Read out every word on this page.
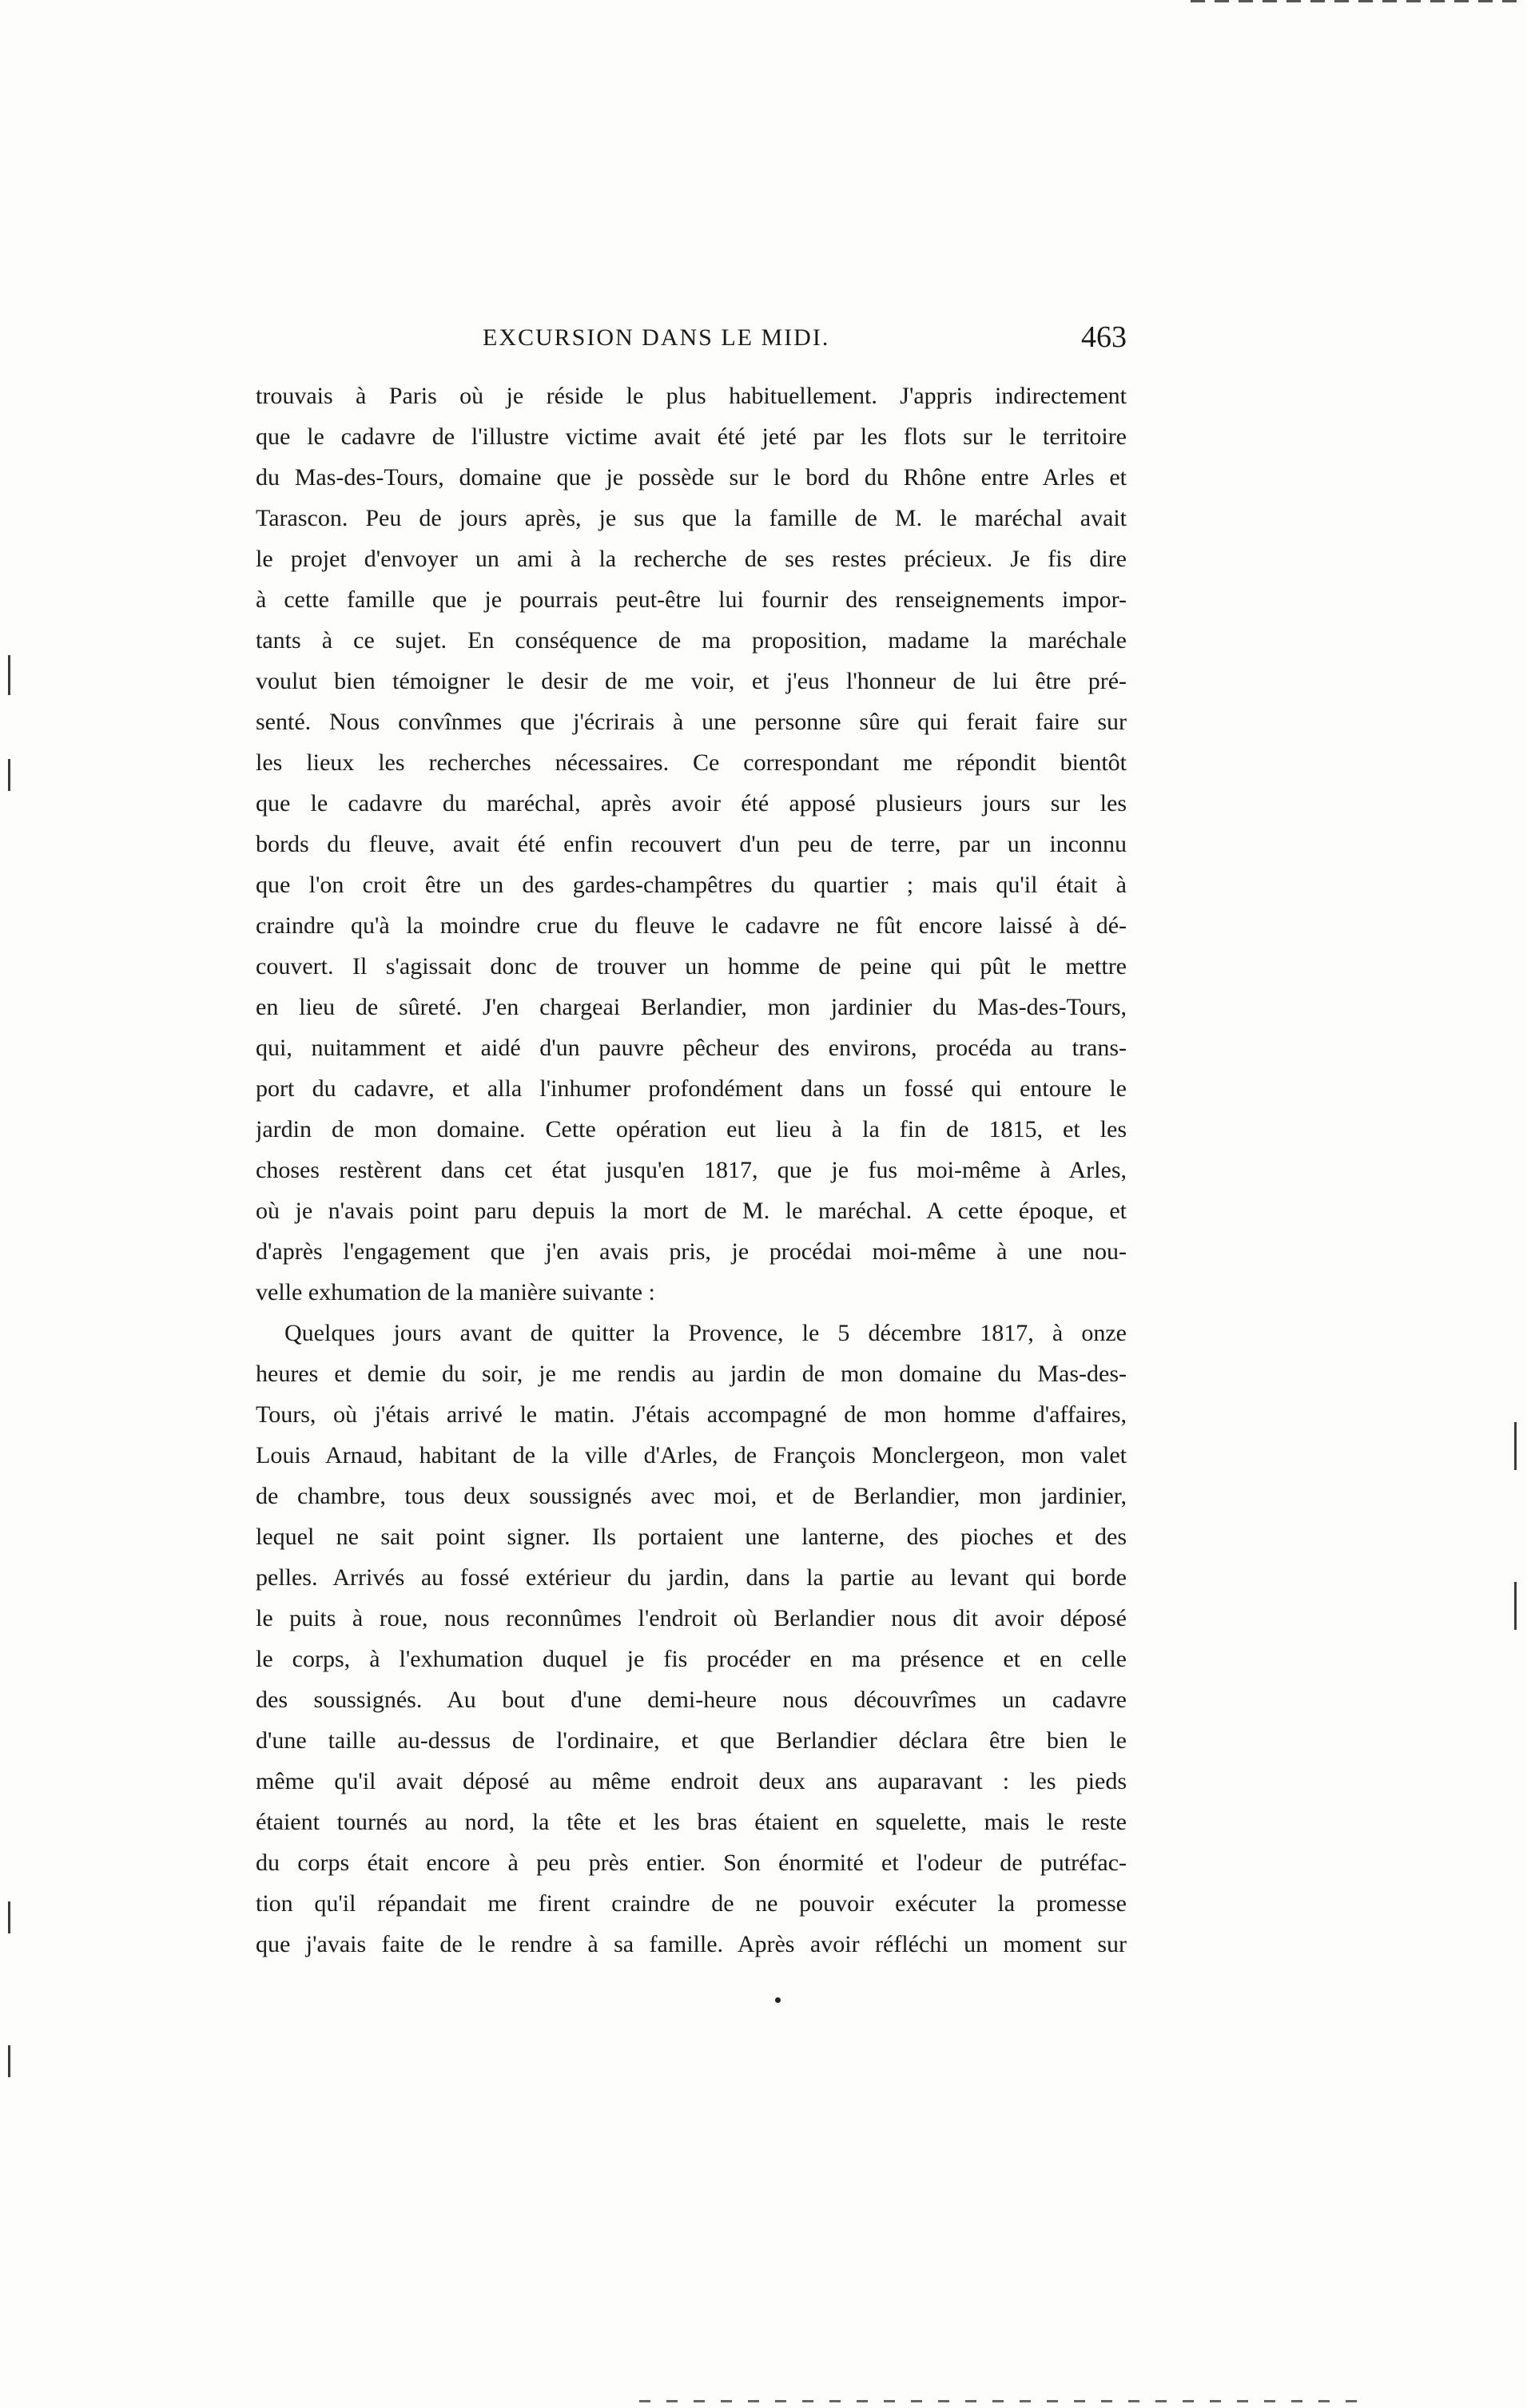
EXCURSION DANS LE MIDI.	463
trouvais à Paris où je réside le plus habituellement. J'appris indirectement
que le cadavre de l'illustre victime avait été jeté par les flots sur le territoire
du Mas-des-Tours, domaine que je possède sur le bord du Rhône entre Arles et
Tarascon. Peu de jours après, je sus que la famille de M. le maréchal avait
le projet d'envoyer un ami à la recherche de ses restes précieux. Je fis dire
à cette famille que je pourrais peut-être lui fournir des renseignements impor-
tants à ce sujet. En conséquence de ma proposition, madame la maréchale
voulut bien témoigner le desir de me voir, et j'eus l'honneur de lui être pré-
senté. Nous convînmes que j'écrirais à une personne sûre qui ferait faire sur
les lieux les recherches nécessaires. Ce correspondant me répondit bientôt
que le cadavre du maréchal, après avoir été apposé plusieurs jours sur les
bords du fleuve, avait été enfin recouvert d'un peu de terre, par un inconnu
que l'on croit être un des gardes-champêtres du quartier ; mais qu'il était à
craindre qu'à la moindre crue du fleuve le cadavre ne fût encore laissé à dé-
couvert. Il s'agissait donc de trouver un homme de peine qui pût le mettre
en lieu de sûreté. J'en chargeai Berlandier, mon jardinier du Mas-des-Tours,
qui, nuitamment et aidé d'un pauvre pêcheur des environs, procéda au trans-
port du cadavre, et alla l'inhumer profondément dans un fossé qui entoure le
jardin de mon domaine. Cette opération eut lieu à la fin de 1815, et les
choses restèrent dans cet état jusqu'en 1817, que je fus moi-même à Arles,
où je n'avais point paru depuis la mort de M. le maréchal. A cette époque, et
d'après l'engagement que j'en avais pris, je procédai moi-même à une nou-
velle exhumation de la manière suivante :
Quelques jours avant de quitter la Provence, le 5 décembre 1817, à onze
heures et demie du soir, je me rendis au jardin de mon domaine du Mas-des-
Tours, où j'étais arrivé le matin. J'étais accompagné de mon homme d'affaires,
Louis Arnaud, habitant de la ville d'Arles, de François Monclergeon, mon valet
de chambre, tous deux soussignés avec moi, et de Berlandier, mon jardinier,
lequel ne sait point signer. Ils portaient une lanterne, des pioches et des
pelles. Arrivés au fossé extérieur du jardin, dans la partie au levant qui borde
le puits à roue, nous reconnûmes l'endroit où Berlandier nous dit avoir déposé
le corps, à l'exhumation duquel je fis procéder en ma présence et en celle
des soussignés. Au bout d'une demi-heure nous découvrîmes un cadavre
d'une taille au-dessus de l'ordinaire, et que Berlandier déclara être bien le
même qu'il avait déposé au même endroit deux ans auparavant : les pieds
étaient tournés au nord, la tête et les bras étaient en squelette, mais le reste
du corps était encore à peu près entier. Son énormité et l'odeur de putréfac-
tion qu'il répandait me firent craindre de ne pouvoir exécuter la promesse
que j'avais faite de le rendre à sa famille. Après avoir réfléchi un moment sur
